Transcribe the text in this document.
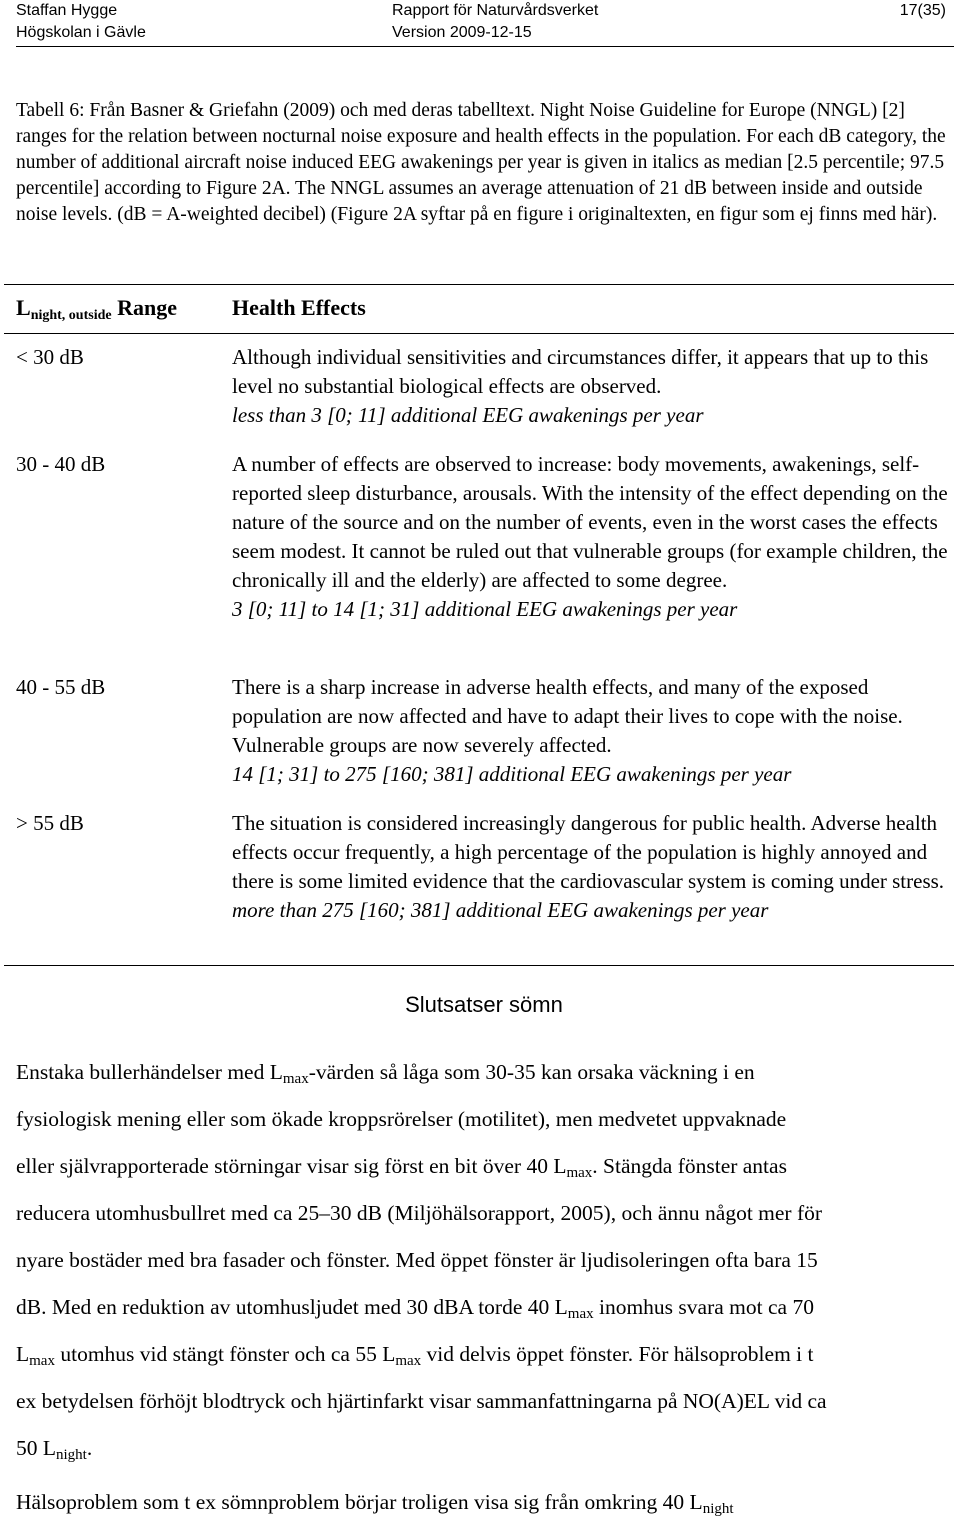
Staffan Hygge
Högskolan i Gävle
Rapport för Naturvårdsverket
Version 2009-12-15
17(35)
Tabell 6: Från Basner & Griefahn (2009) och med deras tabelltext. Night Noise Guideline for Europe (NNGL) [2] ranges for the relation between nocturnal noise exposure and health effects in the population. For each dB category, the number of additional aircraft noise induced EEG awakenings per year is given in italics as median [2.5 percentile; 97.5 percentile] according to Figure 2A. The NNGL assumes an average attenuation of 21 dB between inside and outside noise levels. (dB = A-weighted decibel) (Figure 2A syftar på en figure i originaltexten, en figur som ej finns med här).
$L_{night, outside}$ Range	Health Effects
< 30 dB	Although individual sensitivities and circumstances differ, it appears that up to this level no substantial biological effects are observed.
less than 3 [0; 11] additional EEG awakenings per year
30 - 40 dB	A number of effects are observed to increase: body movements, awakenings, self-reported sleep disturbance, arousals. With the intensity of the effect depending on the nature of the source and on the number of events, even in the worst cases the effects seem modest. It cannot be ruled out that vulnerable groups (for example children, the chronically ill and the elderly) are affected to some degree.
3 [0; 11] to 14 [1; 31] additional EEG awakenings per year
40 - 55 dB	There is a sharp increase in adverse health effects, and many of the exposed population are now affected and have to adapt their lives to cope with the noise. Vulnerable groups are now severely affected.
14 [1; 31] to 275 [160; 381] additional EEG awakenings per year
> 55 dB	The situation is considered increasingly dangerous for public health. Adverse health effects occur frequently, a high percentage of the population is highly annoyed and there is some limited evidence that the cardiovascular system is coming under stress.
more than 275 [160; 381] additional EEG awakenings per year
Slutsatser sömn
Enstaka bullerhändelser med $L_{max}$-värden så låga som 30-35 kan orsaka väckning i en
fysiologisk mening eller som ökade kroppsrörelser (motilitet), men medvetet uppvaknade
eller självrapporterade störningar visar sig först en bit över 40 $L_{max}$. Stängda fönster antas
reducera utomhusbullret med ca 25–30 dB (Miljöhälsorapport, 2005), och ännu något mer för
nyare bostäder med bra fasader och fönster. Med öppet fönster är ljudisoleringen ofta bara 15
dB. Med en reduktion av utomhusljudet med 30 dBA torde 40 $L_{max}$ inomhus svara mot ca 70
$L_{max}$ utomhus vid stängt fönster och ca 55 $L_{max}$ vid delvis öppet fönster. För hälsoproblem i t
ex betydelsen förhöjt blodtryck och hjärtinfarkt visar sammanfattningarna på NO(A)EL vid ca
50 $L_{night}$.
Hälsoproblem som t ex sömnproblem börjar troligen visa sig från omkring 40 $L_{night}$
